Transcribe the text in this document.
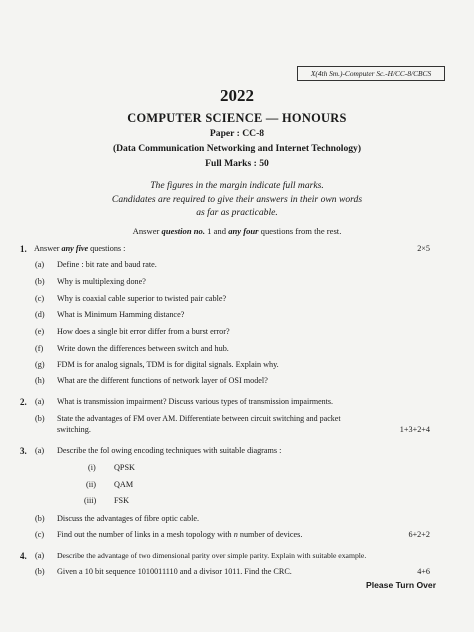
X(4th Sm.)-Computer Sc.-H/CC-8/CBCS
2022
COMPUTER SCIENCE — HONOURS
Paper : CC-8
(Data Communication Networking and Internet Technology)
Full Marks : 50
The figures in the margin indicate full marks.
Candidates are required to give their answers in their own words
as far as practicable.
Answer question no. 1 and any four questions from the rest.
1. Answer any five questions :	2×5
(a) Define : bit rate and baud rate.
(b) Why is multiplexing done?
(c) Why is coaxial cable superior to twisted pair cable?
(d) What is Minimum Hamming distance?
(e) How does a single bit error differ from a burst error?
(f) Write down the differences between switch and hub.
(g) FDM is for analog signals, TDM is for digital signals. Explain why.
(h) What are the different functions of network layer of OSI model?
2. (a) What is transmission impairment? Discuss various types of transmission impairments.
(b) State the advantages of FM over AM. Differentiate between circuit switching and packet
switching.	1+3+2+4
3. (a) Describe the fol owing encoding techniques with suitable diagrams :
(i) QPSK
(ii) QAM
(iii) FSK
(b) Discuss the advantages of fibre optic cable.
(c) Find out the number of links in a mesh topology with n number of devices.	6+2+2
4. (a) Describe the advantage of two dimensional parity over simple parity. Explain with suitable example.
(b) Given a 10 bit sequence 1010011110 and a divisor 1011. Find the CRC.	4+6
Please Turn Over
